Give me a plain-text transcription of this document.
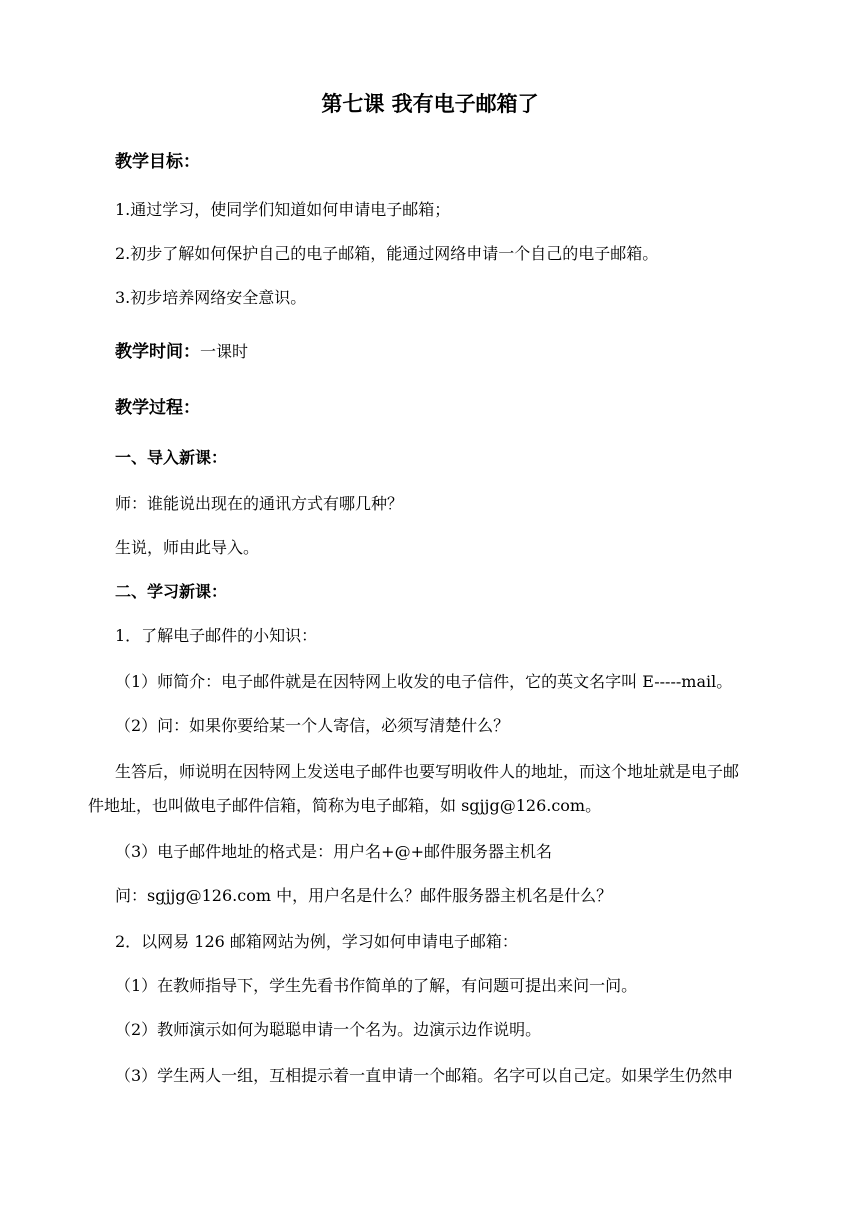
第七课 我有电子邮箱了
教学目标：
1.通过学习，使同学们知道如何申请电子邮箱；
2.初步了解如何保护自己的电子邮箱，能通过网络申请一个自己的电子邮箱。
3.初步培养网络安全意识。
教学时间：一课时
教学过程：
一、导入新课：
师：谁能说出现在的通讯方式有哪几种？
生说，师由此导入。
二、学习新课：
1．了解电子邮件的小知识：
（1）师简介：电子邮件就是在因特网上收发的电子信件，它的英文名字叫 E-----mail。
（2）问：如果你要给某一个人寄信，必须写清楚什么？
生答后，师说明在因特网上发送电子邮件也要写明收件人的地址，而这个地址就是电子邮
件地址，也叫做电子邮件信箱，简称为电子邮箱，如 sgjjg@126.com。
（3）电子邮件地址的格式是：用户名+@+邮件服务器主机名
问：sgjjg@126.com 中，用户名是什么？邮件服务器主机名是什么？
2．以网易 126 邮箱网站为例，学习如何申请电子邮箱：
（1）在教师指导下，学生先看书作简单的了解，有问题可提出来问一问。
（2）教师演示如何为聪聪申请一个名为。边演示边作说明。
（3）学生两人一组，互相提示着一直申请一个邮箱。名字可以自己定。如果学生仍然申
